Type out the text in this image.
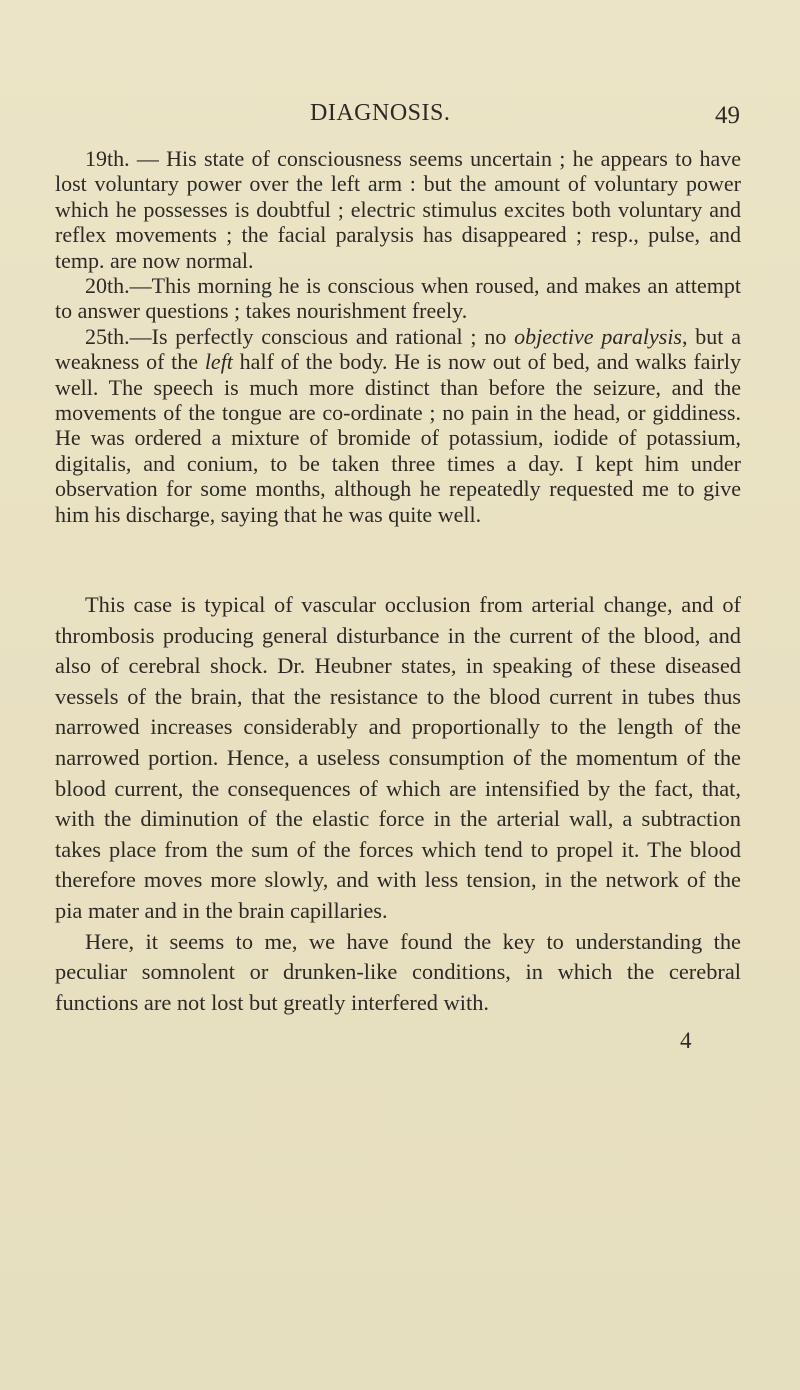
DIAGNOSIS.	49

19th. — His state of consciousness seems uncertain ; he appears to have lost voluntary power over the left arm : but the amount of voluntary power which he possesses is doubtful ; electric stimulus excites both voluntary and reflex movements ; the facial paralysis has disappeared ; resp., pulse, and temp. are now normal.

20th.—This morning he is conscious when roused, and makes an attempt to answer questions ; takes nourishment freely.

25th.—Is perfectly conscious and rational ; no objective paralysis, but a weakness of the left half of the body. He is now out of bed, and walks fairly well. The speech is much more distinct than before the seizure, and the movements of the tongue are co-ordinate ; no pain in the head, or giddiness. He was ordered a mixture of bromide of potassium, iodide of potassium, digitalis, and conium, to be taken three times a day. I kept him under observation for some months, although he repeatedly requested me to give him his discharge, saying that he was quite well.

This case is typical of vascular occlusion from arterial change, and of thrombosis producing general disturbance in the current of the blood, and also of cerebral shock. Dr. Heubner states, in speaking of these diseased vessels of the brain, that the resistance to the blood current in tubes thus narrowed increases considerably and proportionally to the length of the narrowed portion. Hence, a useless consumption of the momentum of the blood current, the consequences of which are intensified by the fact, that, with the diminution of the elastic force in the arterial wall, a subtraction takes place from the sum of the forces which tend to propel it. The blood therefore moves more slowly, and with less tension, in the network of the pia mater and in the brain capillaries.

Here, it seems to me, we have found the key to understanding the peculiar somnolent or drunken-like conditions, in which the cerebral functions are not lost but greatly interfered with.

4
